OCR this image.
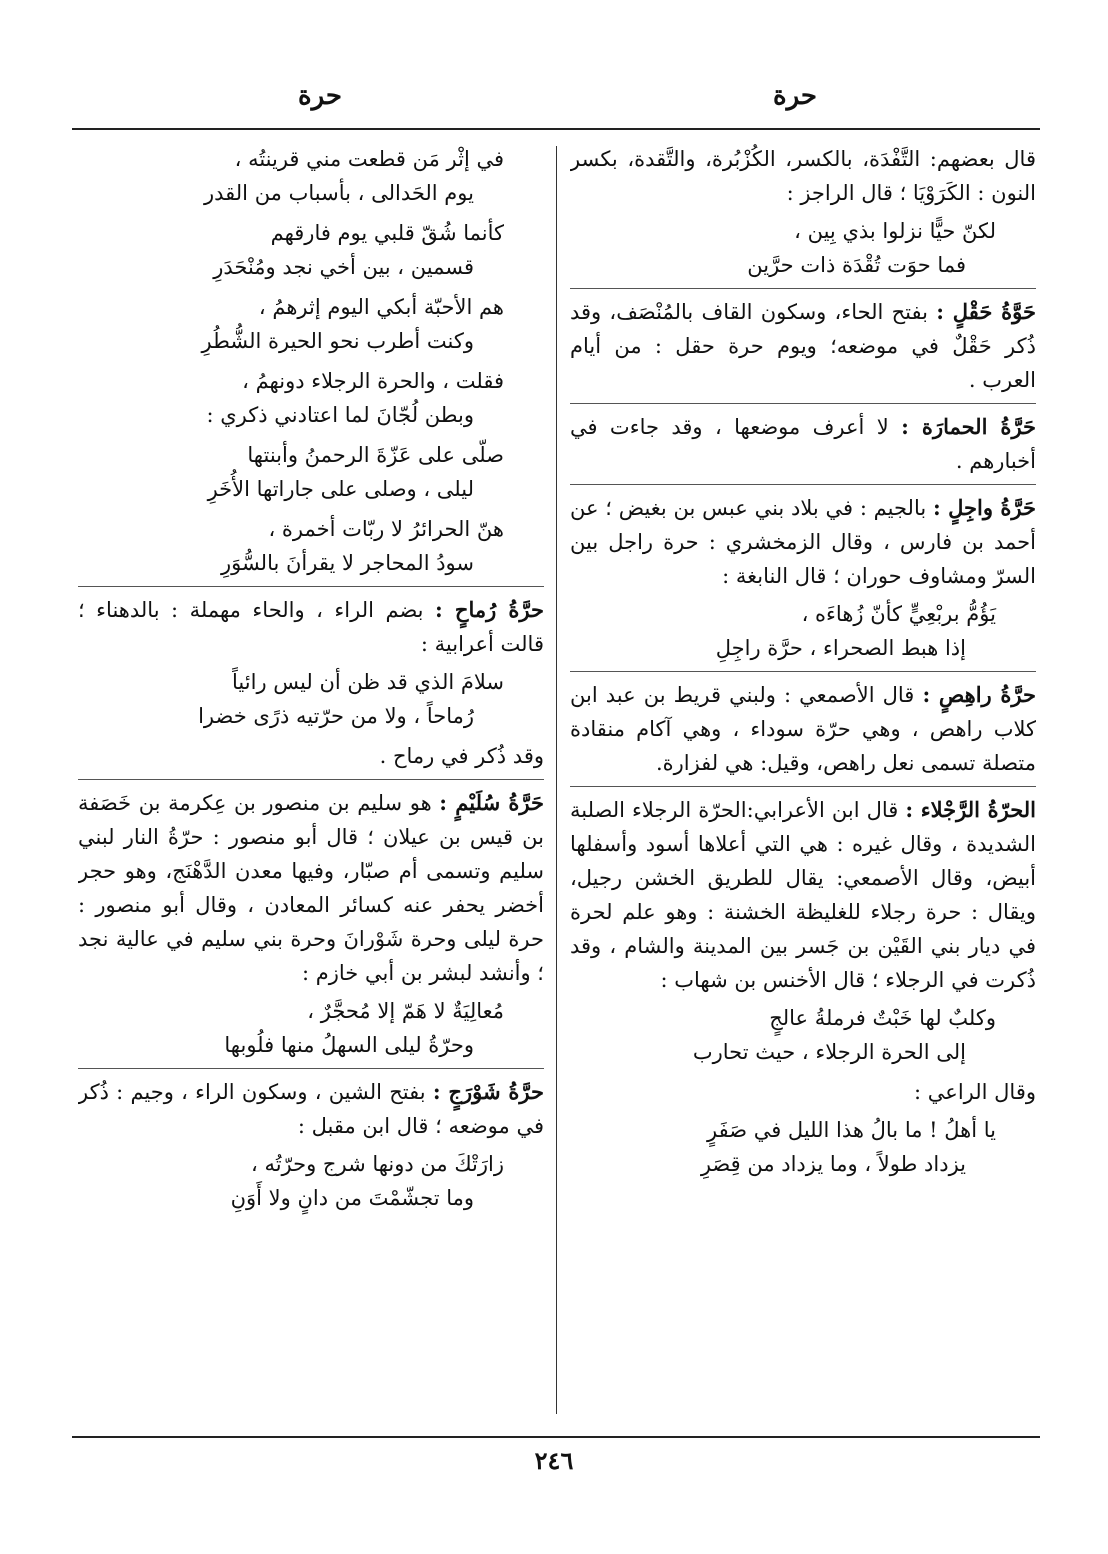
حرة
حرة

قال بعضهم: التَّفْدَة، بالكسر، الكُزْبُرة، والتَّقدة، بكسر النون : الكَرَوْيَا ؛ قال الراجز :

لكنّ حيًّا نزلوا بذي بِين ،
فما حوَت تُقْدَة ذات حرَّين

حَوَّةُ حَقْلٍ : بفتح الحاء، وسكون القاف بالمُنْصَف، وقد ذُكر حَقْلٌ في موضعه؛ ويوم حرة حقل : من أيام العرب .

حَرَّةُ الحمارَة : لا أعرف موضعها ، وقد جاءت في أخبارهم .

حَرَّةُ واجِلٍ : بالجيم : في بلاد بني عبس بن بغيض ؛ عن أحمد بن فارس ، وقال الزمخشري : حرة راجل بين السرّ ومشاوف حوران ؛ قال النابغة :

يَؤُمُّ بربْعِيٍّ كأنّ زُهاءَه ،
إذا هبط الصحراء ، حرَّة راجِلِ

حرَّةُ راهِصٍ : قال الأصمعي : ولبني قريط بن عبد ابن كلاب راهص ، وهي حرّة سوداء ، وهي آكام منقادة متصلة تسمى نعل راهص، وقيل: هي لفزارة.

الحرّةُ الرَّجْلاء : قال ابن الأعرابي:الحرّة الرجلاء الصلبة الشديدة ، وقال غيره : هي التي أعلاها أسود وأسفلها أبيض، وقال الأصمعي: يقال للطريق الخشن رجيل، ويقال : حرة رجلاء للغليظة الخشنة : وهو علم لحرة في ديار بني القَيْن بن جَسر بين المدينة والشام ، وقد ذُكرت في الرجلاء ؛ قال الأخنس بن شهاب :

وكلبٌ لها خَبْتٌ فرملةُ عالجٍ
إلى الحرة الرجلاء ، حيث تحارب

وقال الراعي :

يا أهلُ ! ما بالُ هذا الليل في صَفَرٍ
يزداد طولاً ، وما يزداد من قِصَرِ
في إثْر مَن قطعت مني قرينتُه ،
يوم الحَدالى ، بأسباب من القدر
كأنما شُقّ قلبي يوم فارقهم
قسمين ، بين أخي نجد ومُنْحَدَرِ
هم الأحبّة أبكي اليوم إثرهمُ ،
وكنت أطرب نحو الحيرة الشُّطُرِ
فقلت ، والحرة الرجلاء دونهمُ ،
وبطن لُجّانَ لما اعتادني ذكري :
صلّى على عَزّةَ الرحمنُ وأبنتها
ليلى ، وصلى على جاراتها الأُخَرِ
هنّ الحرائرُ لا ربّات أخمرة ،
سودُ المحاجر لا يقرأنَ بالسُّوَرِ

حرَّةُ رُماحٍ : بضم الراء ، والحاء مهملة : بالدهناء ؛ قالت أعرابية :

سلامَ الذي قد ظن أن ليس رائياً
رُماحاً ، ولا من حرّتيه ذرًى خضرا

وقد ذُكر في رماح .

حَرَّةُ سُلَيْمٍ : هو سليم بن منصور بن عِكرمة بن خَصَفة بن قيس بن عيلان ؛ قال أبو منصور : حرّةُ النار لبني سليم وتسمى أم صبّار، وفيها معدن الدَّهْنَج، وهو حجر أخضر يحفر عنه كسائر المعادن ، وقال أبو منصور : حرة ليلى وحرة شَوْرانَ وحرة بني سليم في عالية نجد ؛ وأنشد لبشر بن أبي خازم :

مُعالِيَةٌ لا هَمّ إلا مُحجَّرٌ ،
وحرّةُ ليلى السهلُ منها فلُوبها

حرَّةُ شَوْرَجٍ : بفتح الشين ، وسكون الراء ، وجيم : ذُكر في موضعه ؛ قال ابن مقبل :

زارَتْكَ من دونها شرج وحرّتُه ،
وما تجشّمْتَ من دانٍ ولا أَوَنِ
٢٤٦
